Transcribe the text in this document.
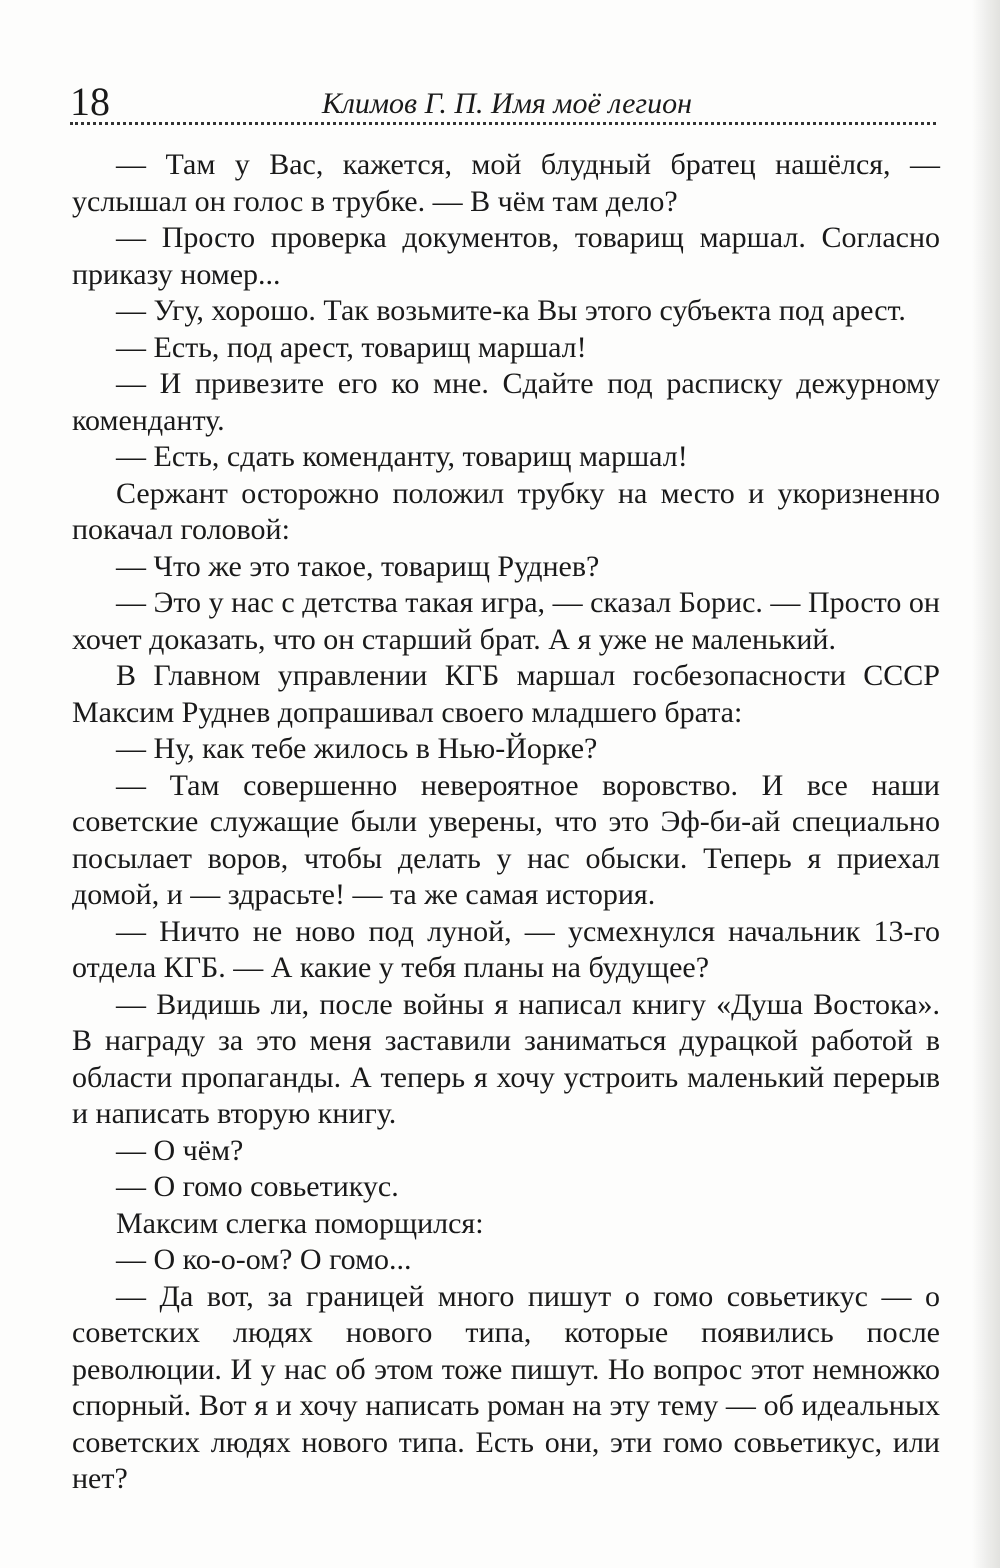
18	Климов Г. П. Имя моё легион

— Там у Вас, кажется, мой блудный братец нашёлся, — услышал он голос в трубке. — В чём там дело?

— Просто проверка документов, товарищ маршал. Согласно приказу номер...

— Угу, хорошо. Так возьмите-ка Вы этого субъекта под арест.

— Есть, под арест, товарищ маршал!

— И привезите его ко мне. Сдайте под расписку дежурному коменданту.

— Есть, сдать коменданту, товарищ маршал!

Сержант осторожно положил трубку на место и укоризненно покачал головой:

— Что же это такое, товарищ Руднев?

— Это у нас с детства такая игра, — сказал Борис. — Просто он хочет доказать, что он старший брат. А я уже не маленький.

В Главном управлении КГБ маршал госбезопасности СССР Максим Руднев допрашивал своего младшего брата:

— Ну, как тебе жилось в Нью-Йорке?

— Там совершенно невероятное воровство. И все наши советские служащие были уверены, что это Эф-би-ай специально посылает воров, чтобы делать у нас обыски. Теперь я приехал домой, и — здрасьте! — та же самая история.

— Ничто не ново под луной, — усмехнулся начальник 13-го отдела КГБ. — А какие у тебя планы на будущее?

— Видишь ли, после войны я написал книгу «Душа Востока». В награду за это меня заставили заниматься дурацкой работой в области пропаганды. А теперь я хочу устроить маленький перерыв и написать вторую книгу.

— О чём?

— О гомо совьетикус.

Максим слегка поморщился:

— О ко-о-ом? О гомо...

— Да вот, за границей много пишут о гомо совьетикус — о советских людях нового типа, которые появились после революции. И у нас об этом тоже пишут. Но вопрос этот немножко спорный. Вот я и хочу написать роман на эту тему — об идеальных советских людях нового типа. Есть они, эти гомо совьетикус, или нет?
